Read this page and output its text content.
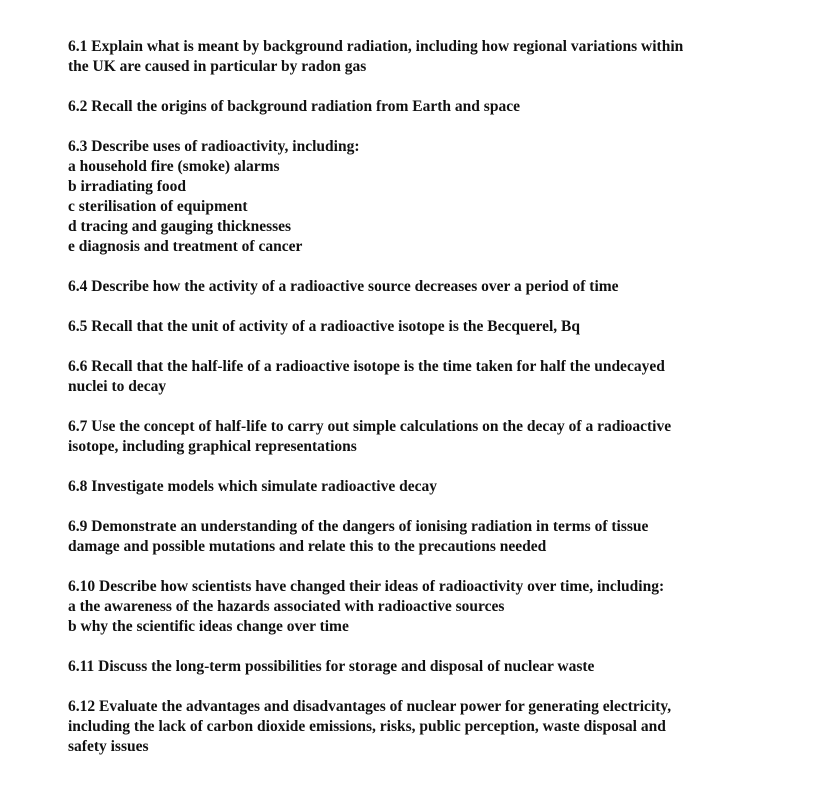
6.1 Explain what is meant by background radiation, including how regional variations within
the UK are caused in particular by radon gas
6.2 Recall the origins of background radiation from Earth and space
6.3 Describe uses of radioactivity, including:
a household fire (smoke) alarms
b irradiating food
c sterilisation of equipment
d tracing and gauging thicknesses
e diagnosis and treatment of cancer
6.4 Describe how the activity of a radioactive source decreases over a period of time
6.5 Recall that the unit of activity of a radioactive isotope is the Becquerel, Bq
6.6 Recall that the half-life of a radioactive isotope is the time taken for half the undecayed
nuclei to decay
6.7 Use the concept of half-life to carry out simple calculations on the decay of a radioactive
isotope, including graphical representations
6.8 Investigate models which simulate radioactive decay
6.9 Demonstrate an understanding of the dangers of ionising radiation in terms of tissue
damage and possible mutations and relate this to the precautions needed
6.10 Describe how scientists have changed their ideas of radioactivity over time, including:
a the awareness of the hazards associated with radioactive sources
b why the scientific ideas change over time
6.11 Discuss the long-term possibilities for storage and disposal of nuclear waste
6.12 Evaluate the advantages and disadvantages of nuclear power for generating electricity,
including the lack of carbon dioxide emissions, risks, public perception, waste disposal and
safety issues
